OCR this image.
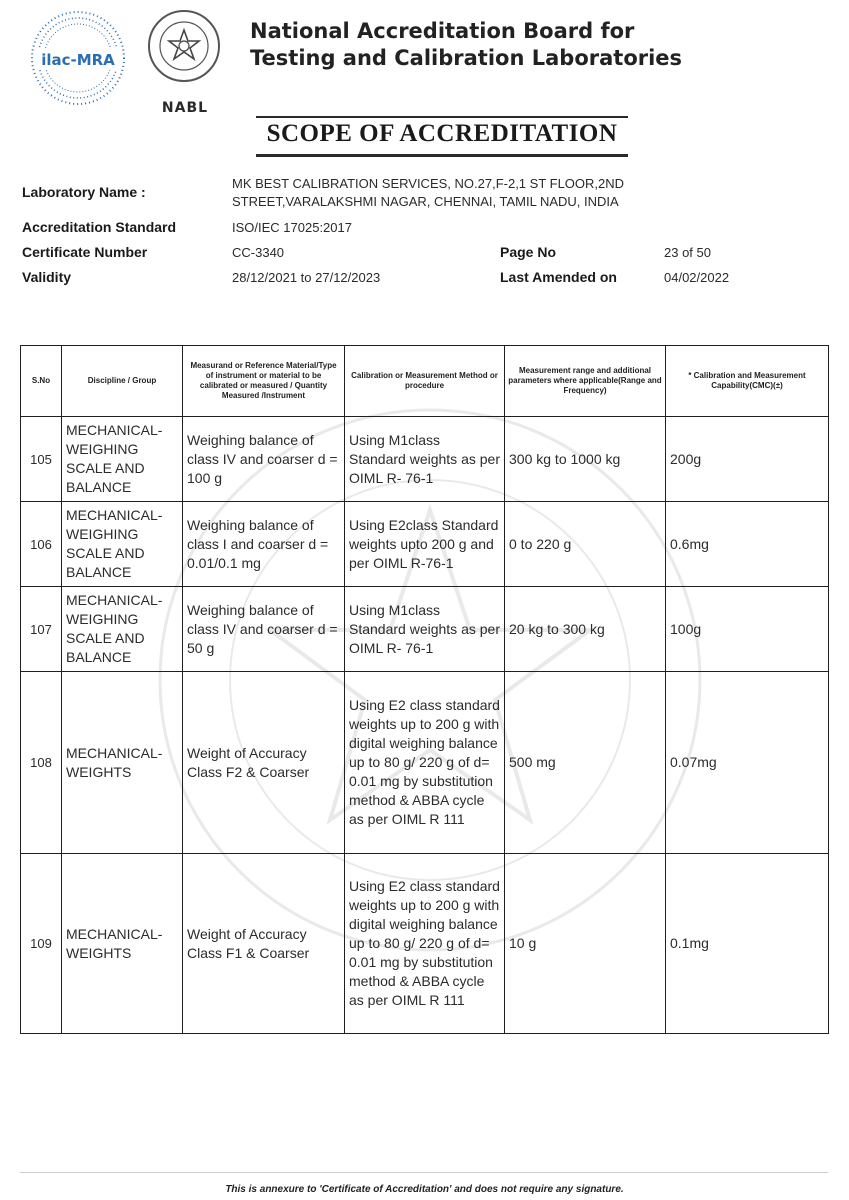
ilac-MRA
NABL
National Accreditation Board for
Testing and Calibration Laboratories
SCOPE OF ACCREDITATION
Laboratory Name :
MK BEST CALIBRATION SERVICES, NO.27,F-2,1 ST FLOOR,2ND
STREET,VARALAKSHMI NAGAR, CHENNAI, TAMIL NADU, INDIA
Accreditation Standard	ISO/IEC 17025:2017
Certificate Number	CC-3340	Page No	23 of 50
Validity	28/12/2021 to 27/12/2023	Last Amended on	04/02/2022
S.No	Discipline / Group	Measurand or Reference Material/Type of instrument or material to be calibrated or measured / Quantity Measured /Instrument	Calibration or Measurement Method or procedure	Measurement range and additional parameters where applicable(Range and Frequency)	* Calibration and Measurement Capability(CMC)(±)
105	MECHANICAL-WEIGHING SCALE AND BALANCE	Weighing balance of class IV and coarser d = 100 g	Using M1class Standard weights as per OIML R- 76-1	300 kg to 1000 kg	200g
106	MECHANICAL-WEIGHING SCALE AND BALANCE	Weighing balance of class I and coarser d = 0.01/0.1 mg	Using E2class Standard weights upto 200 g and per OIML R-76-1	0 to 220 g	0.6mg
107	MECHANICAL-WEIGHING SCALE AND BALANCE	Weighing balance of class IV and coarser d = 50 g	Using M1class Standard weights as per OIML R- 76-1	20 kg to 300 kg	100g
108	MECHANICAL-WEIGHTS	Weight of Accuracy Class F2 & Coarser	Using E2 class standard weights up to 200 g with digital weighing balance up to 80 g/ 220 g of d= 0.01 mg by substitution method & ABBA cycle as per OIML R 111	500 mg	0.07mg
109	MECHANICAL-WEIGHTS	Weight of Accuracy Class F1 & Coarser	Using E2 class standard weights up to 200 g with digital weighing balance up to 80 g/ 220 g of d= 0.01 mg by substitution method & ABBA cycle as per OIML R 111	10 g	0.1mg
This is annexure to 'Certificate of Accreditation' and does not require any signature.
